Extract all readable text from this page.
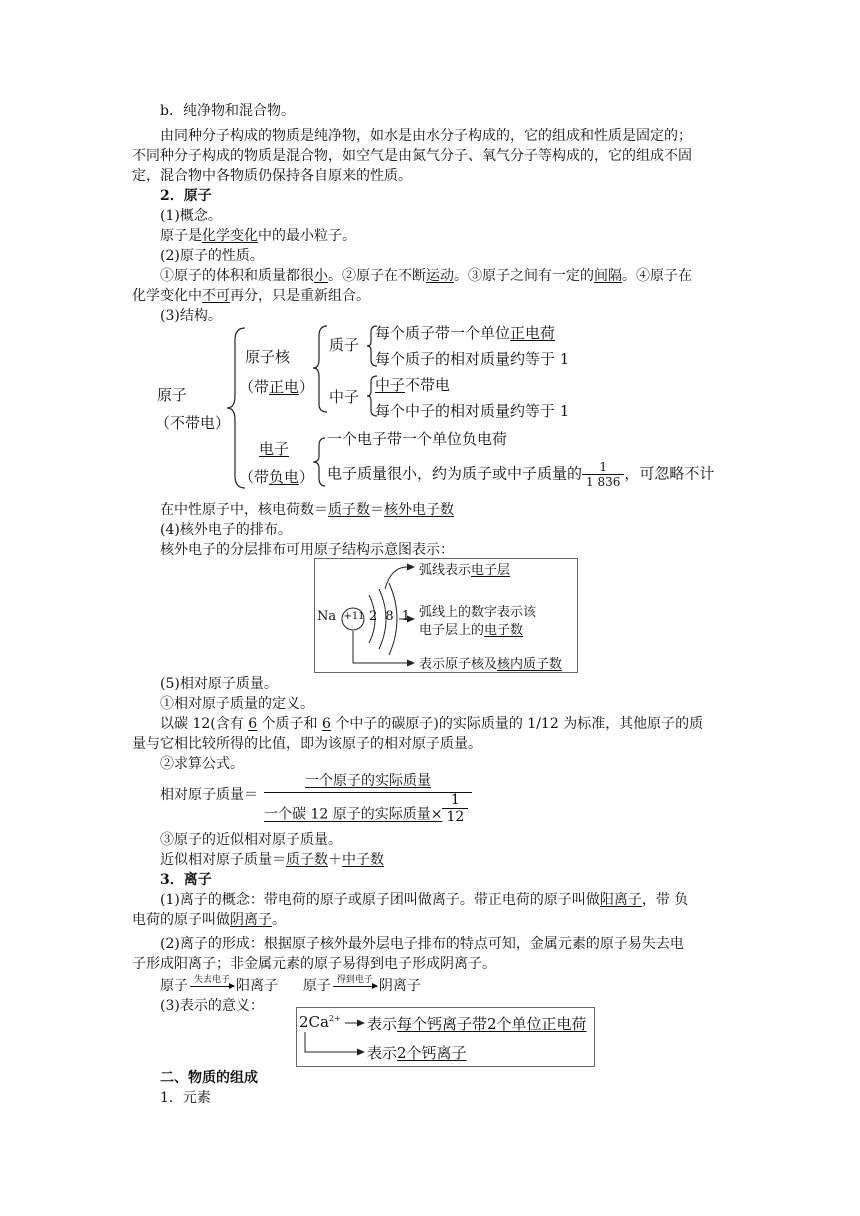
b．纯净物和混合物。
由同种分子构成的物质是纯净物，如水是由水分子构成的，它的组成和性质是固定的；
不同种分子构成的物质是混合物，如空气是由氮气分子、氧气分子等构成的，它的组成不固
定，混合物中各物质仍保持各自原来的性质。
2．原子
(1)概念。
原子是化学变化中的最小粒子。
(2)原子的性质。
①原子的体积和质量都很小。②原子在不断运动。③原子之间有一定的间隔。④原子在
化学变化中不可再分，只是重新组合。
(3)结构。
原子
（不带电）
原子核
（带正电）
质子
每个质子带一个单位正电荷
每个质子的相对质量约等于 1
中子
中子不带电
每个中子的相对质量约等于 1
电子
（带负电）
一个电子带一个单位负电荷
电子质量很小，约为质子或中子质量的 $\frac{1}{1 836}$ ，可忽略不计
在中性原子中，核电荷数＝质子数＝核外电子数
(4)核外电子的排布。
核外电子的分层排布可用原子结构示意图表示：
Na +11 2 8 1
弧线表示电子层
弧线上的数字表示该
电子层上的电子数
表示原子核及核内质子数
(5)相对原子质量。
①相对原子质量的定义。
以碳 12(含有 6 个质子和 6 个中子的碳原子)的实际质量的 1/12 为标准，其他原子的质
量与它相比较所得的比值，即为该原子的相对原子质量。
②求算公式。
相对原子质量＝
一个原子的实际质量
一个碳 12 原子的实际质量× $\frac{1}{12}$
③原子的近似相对原子质量。
近似相对原子质量＝质子数＋中子数
3．离子
(1)离子的概念：带电荷的原子或原子团叫做离子。带正电荷的原子叫做阳离子，带 负
电荷的原子叫做阴离子。
(2)离子的形成：根据原子核外最外层电子排布的特点可知，金属元素的原子易失去电
子形成阳离子；非金属元素的原子易得到电子形成阴离子。
原子 失去电子 阳离子 原子 得到电子 阴离子
(3)表示的意义：
$2Ca^{2+}$ 表示每个钙离子带2个单位正电荷
表示2个钙离子
二、物质的组成
1．元素
